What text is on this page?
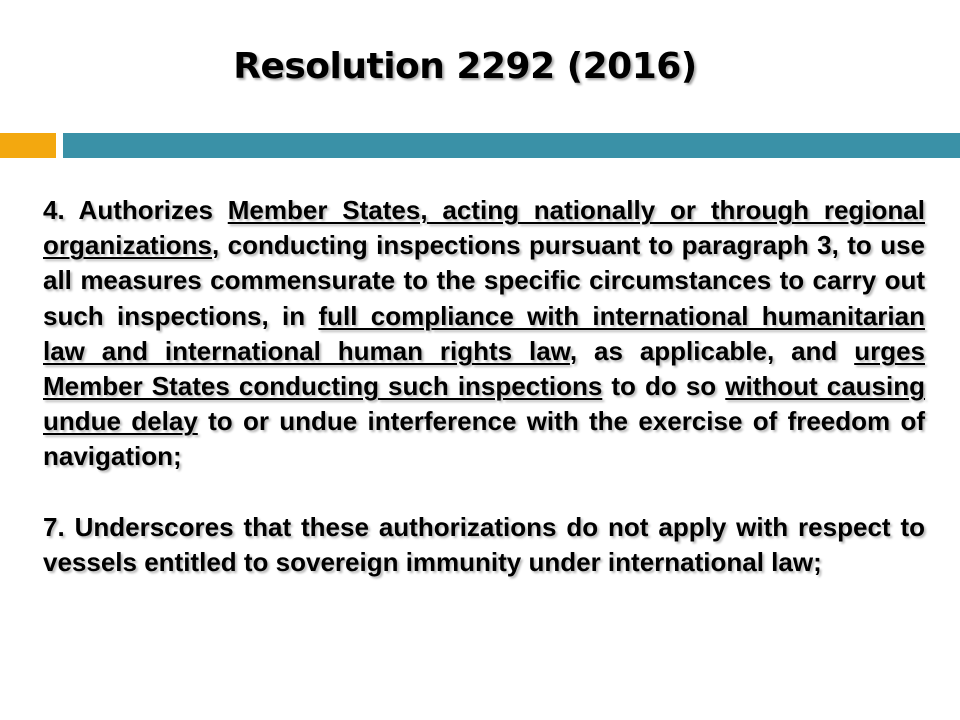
Resolution 2292 (2016)

4. Authorizes Member States, acting nationally or through regional organizations, conducting inspections pursuant to paragraph 3, to use all measures commensurate to the specific circumstances to carry out such inspections, in full compliance with international humanitarian law and international human rights law, as applicable, and urges Member States conducting such inspections to do so without causing undue delay to or undue interference with the exercise of freedom of navigation;

7. Underscores that these authorizations do not apply with respect to vessels entitled to sovereign immunity under international law;
